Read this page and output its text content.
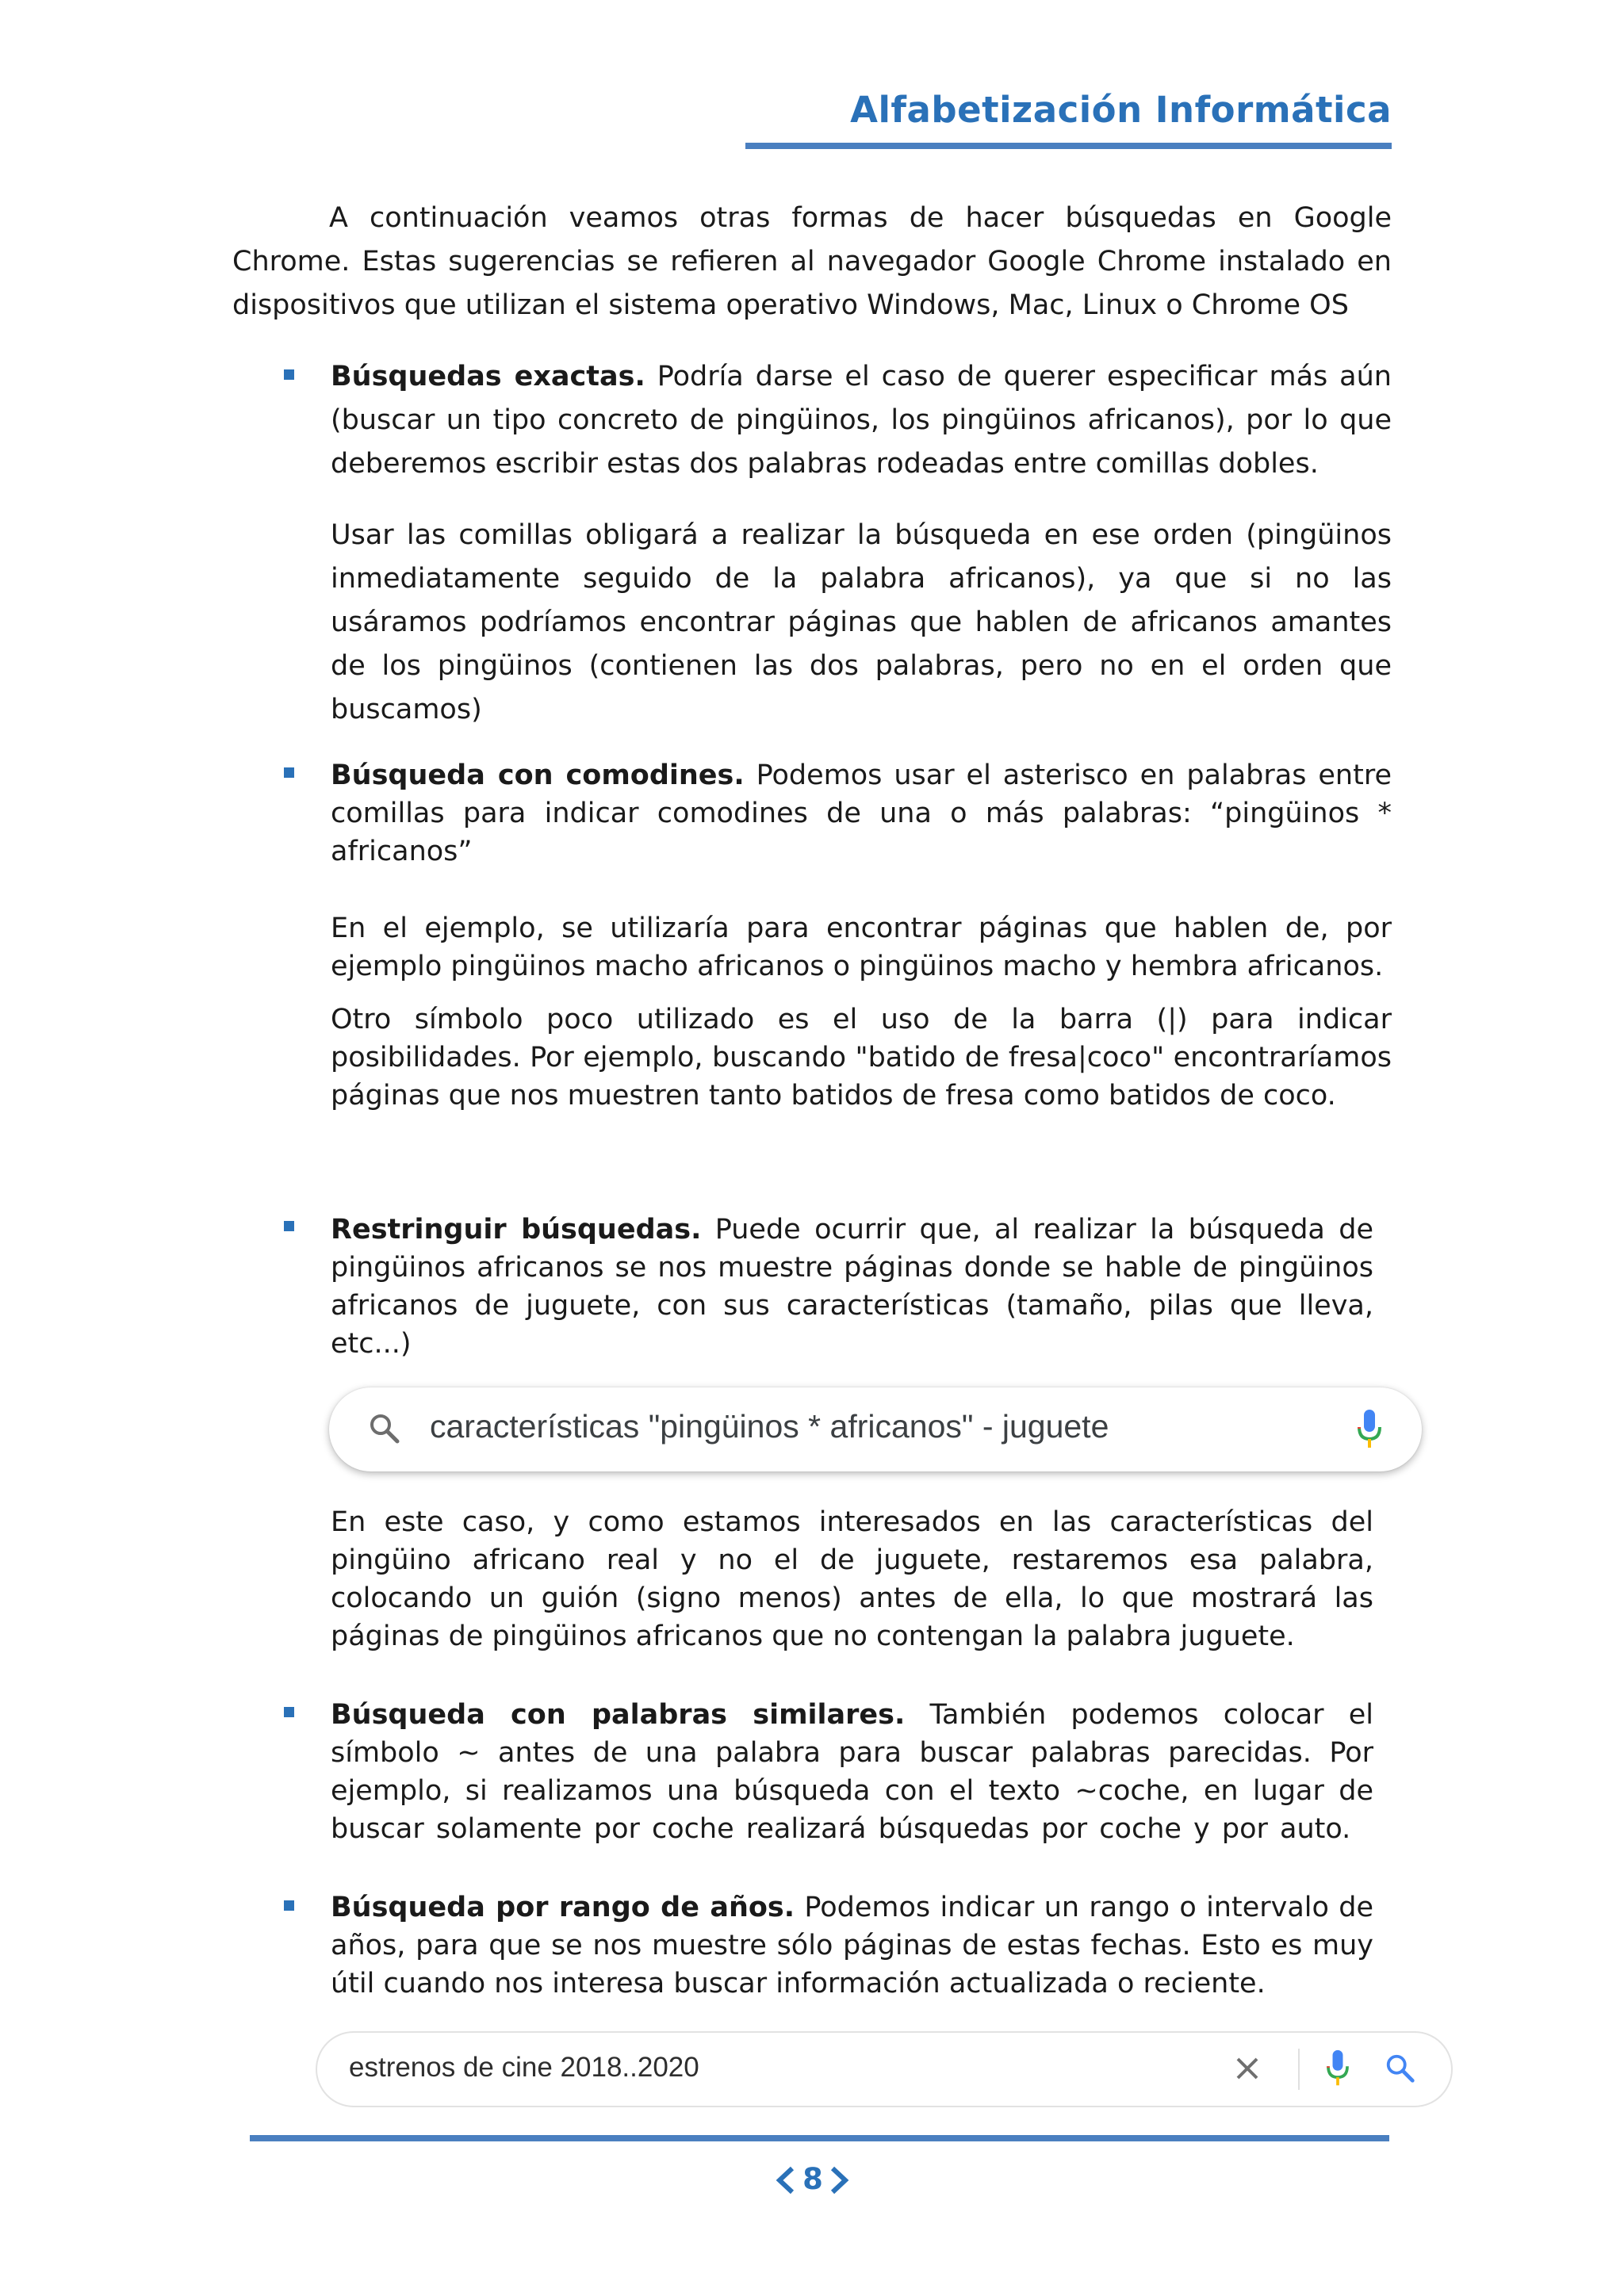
Alfabetización Informática

A continuación veamos otras formas de hacer búsquedas en Google Chrome. Estas sugerencias se refieren al navegador Google Chrome instalado en dispositivos que utilizan el sistema operativo Windows, Mac, Linux o Chrome OS

Búsquedas exactas. Podría darse el caso de querer especificar más aún (buscar un tipo concreto de pingüinos, los pingüinos africanos), por lo que deberemos escribir estas dos palabras rodeadas entre comillas dobles.

Usar las comillas obligará a realizar la búsqueda en ese orden (pingüinos inmediatamente seguido de la palabra africanos), ya que si no las usáramos podríamos encontrar páginas que hablen de africanos amantes de los pingüinos (contienen las dos palabras, pero no en el orden que buscamos)

Búsqueda con comodines. Podemos usar el asterisco en palabras entre comillas para indicar comodines de una o más palabras: “pingüinos * africanos”

En el ejemplo, se utilizaría para encontrar páginas que hablen de, por ejemplo pingüinos macho africanos o pingüinos macho y hembra africanos.

Otro símbolo poco utilizado es el uso de la barra (|) para indicar posibilidades. Por ejemplo, buscando "batido de fresa|coco" encontraríamos páginas que nos muestren tanto batidos de fresa como batidos de coco.

Restringuir búsquedas. Puede ocurrir que, al realizar la búsqueda de pingüinos africanos se nos muestre páginas donde se hable de pingüinos africanos de juguete, con sus características (tamaño, pilas que lleva, etc...)

características "pingüinos * africanos" - juguete

En este caso, y como estamos interesados en las características del pingüino africano real y no el de juguete, restaremos esa palabra, colocando un guión (signo menos) antes de ella, lo que mostrará las páginas de pingüinos africanos que no contengan la palabra juguete.

Búsqueda con palabras similares. También podemos colocar el símbolo ~ antes de una palabra para buscar palabras parecidas. Por ejemplo, si realizamos una búsqueda con el texto ~coche, en lugar de buscar solamente por coche realizará búsquedas por coche y por auto.

Búsqueda por rango de años. Podemos indicar un rango o intervalo de años, para que se nos muestre sólo páginas de estas fechas. Esto es muy útil cuando nos interesa buscar información actualizada o reciente.

estrenos de cine 2018..2020
8
